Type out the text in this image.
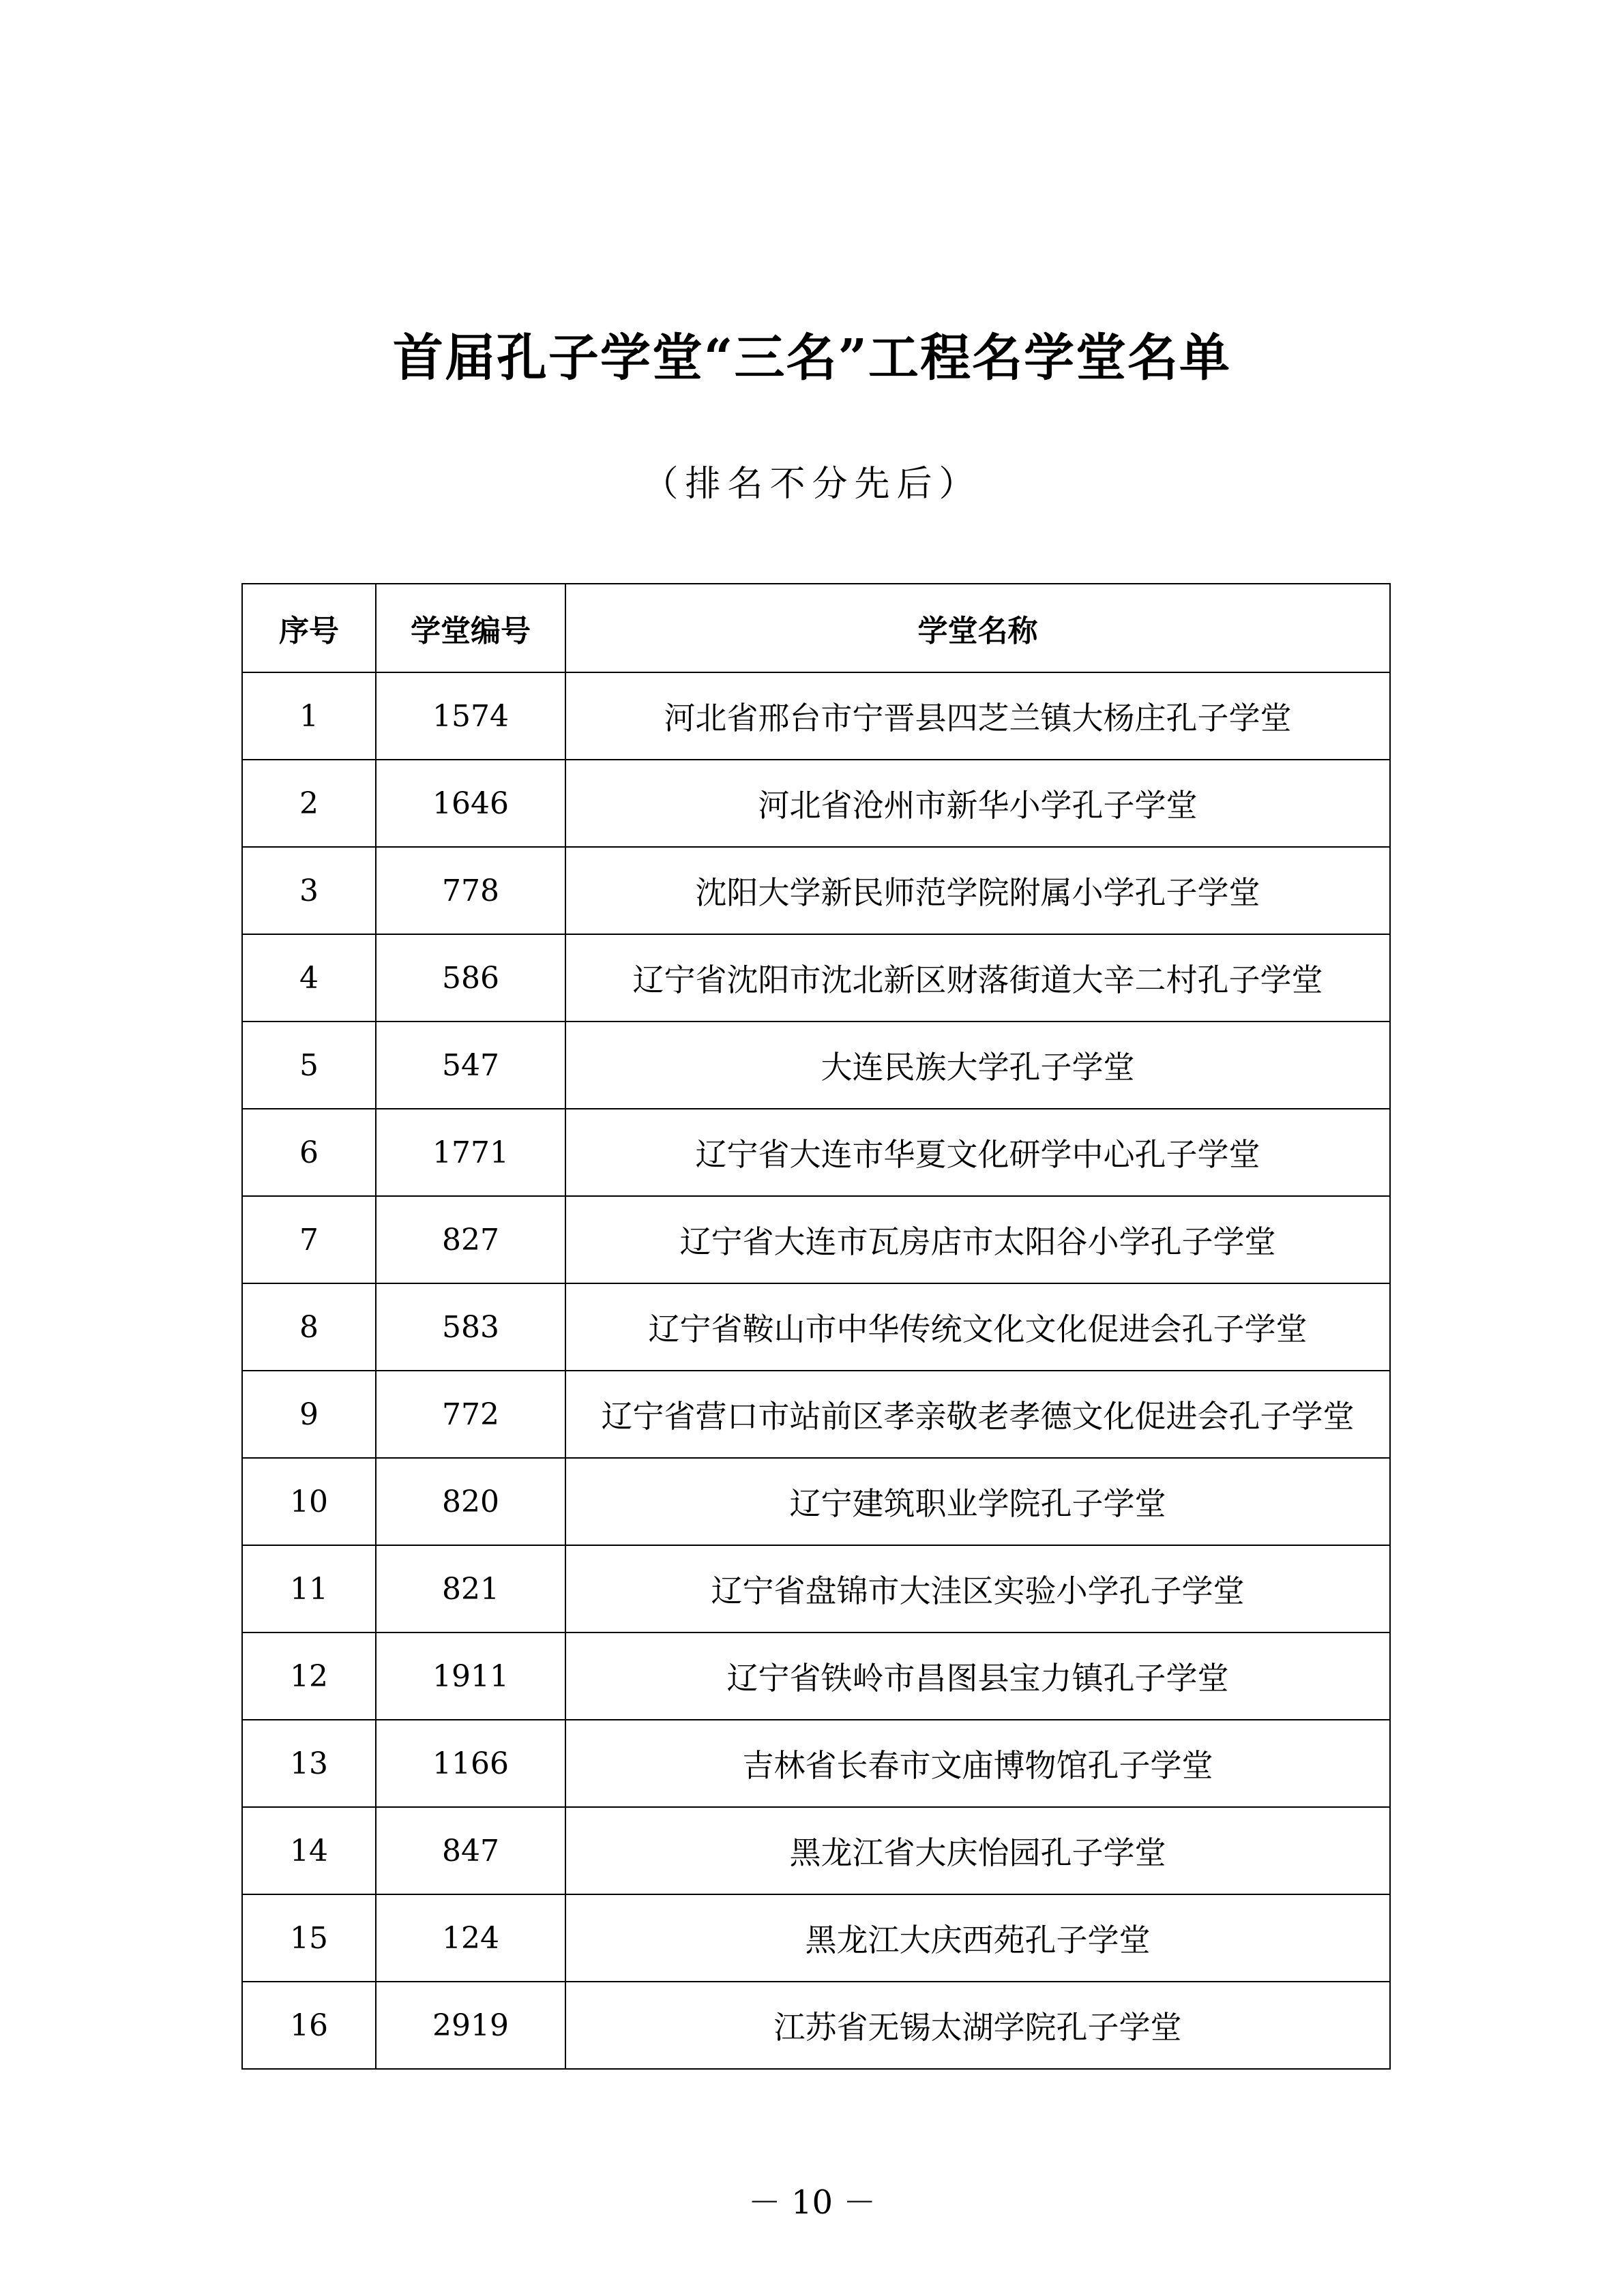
首届孔子学堂“三名”工程名学堂名单
（排名不分先后）
序号	学堂编号	学堂名称
1	1574	河北省邢台市宁晋县四芝兰镇大杨庄孔子学堂
2	1646	河北省沧州市新华小学孔子学堂
3	778	沈阳大学新民师范学院附属小学孔子学堂
4	586	辽宁省沈阳市沈北新区财落街道大辛二村孔子学堂
5	547	大连民族大学孔子学堂
6	1771	辽宁省大连市华夏文化研学中心孔子学堂
7	827	辽宁省大连市瓦房店市太阳谷小学孔子学堂
8	583	辽宁省鞍山市中华传统文化文化促进会孔子学堂
9	772	辽宁省营口市站前区孝亲敬老孝德文化促进会孔子学堂
10	820	辽宁建筑职业学院孔子学堂
11	821	辽宁省盘锦市大洼区实验小学孔子学堂
12	1911	辽宁省铁岭市昌图县宝力镇孔子学堂
13	1166	吉林省长春市文庙博物馆孔子学堂
14	847	黑龙江省大庆怡园孔子学堂
15	124	黑龙江大庆西苑孔子学堂
16	2919	江苏省无锡太湖学院孔子学堂
－ 10 －
